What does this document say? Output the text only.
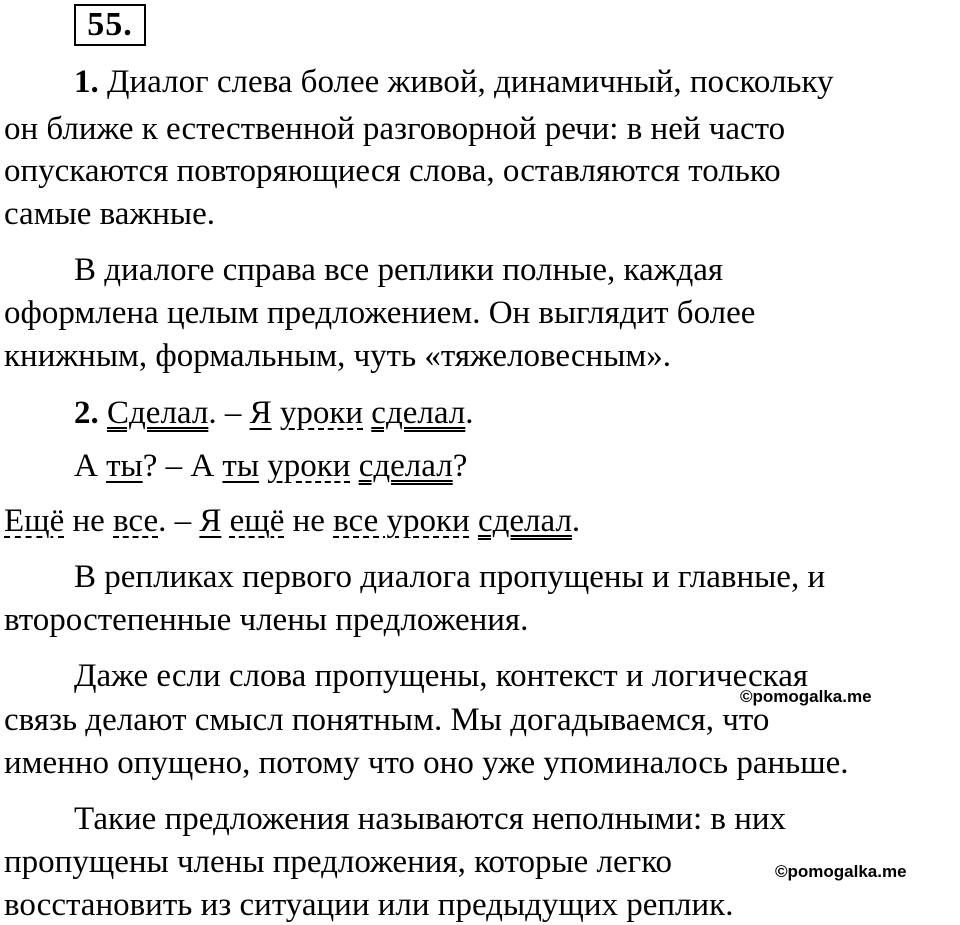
55.
1. Диалог слева более живой, динамичный, поскольку
он ближе к естественной разговорной речи: в ней часто
опускаются повторяющиеся слова, оставляются только
самые важные.
В диалоге справа все реплики полные, каждая
оформлена целым предложением. Он выглядит более
книжным, формальным, чуть «тяжеловесным».
2. Сделал. – Я уроки сделал.
А ты? – А ты уроки сделал?
Ещё не все. – Я ещё не все уроки сделал.
В репликах первого диалога пропущены и главные, и
второстепенные члены предложения.
Даже если слова пропущены, контекст и логическая
связь делают смысл понятным. Мы догадываемся, что
именно опущено, потому что оно уже упоминалось раньше.
Такие предложения называются неполными: в них
пропущены члены предложения, которые легко
восстановить из ситуации или предыдущих реплик.
©pomogalka.me
©pomogalka.me
